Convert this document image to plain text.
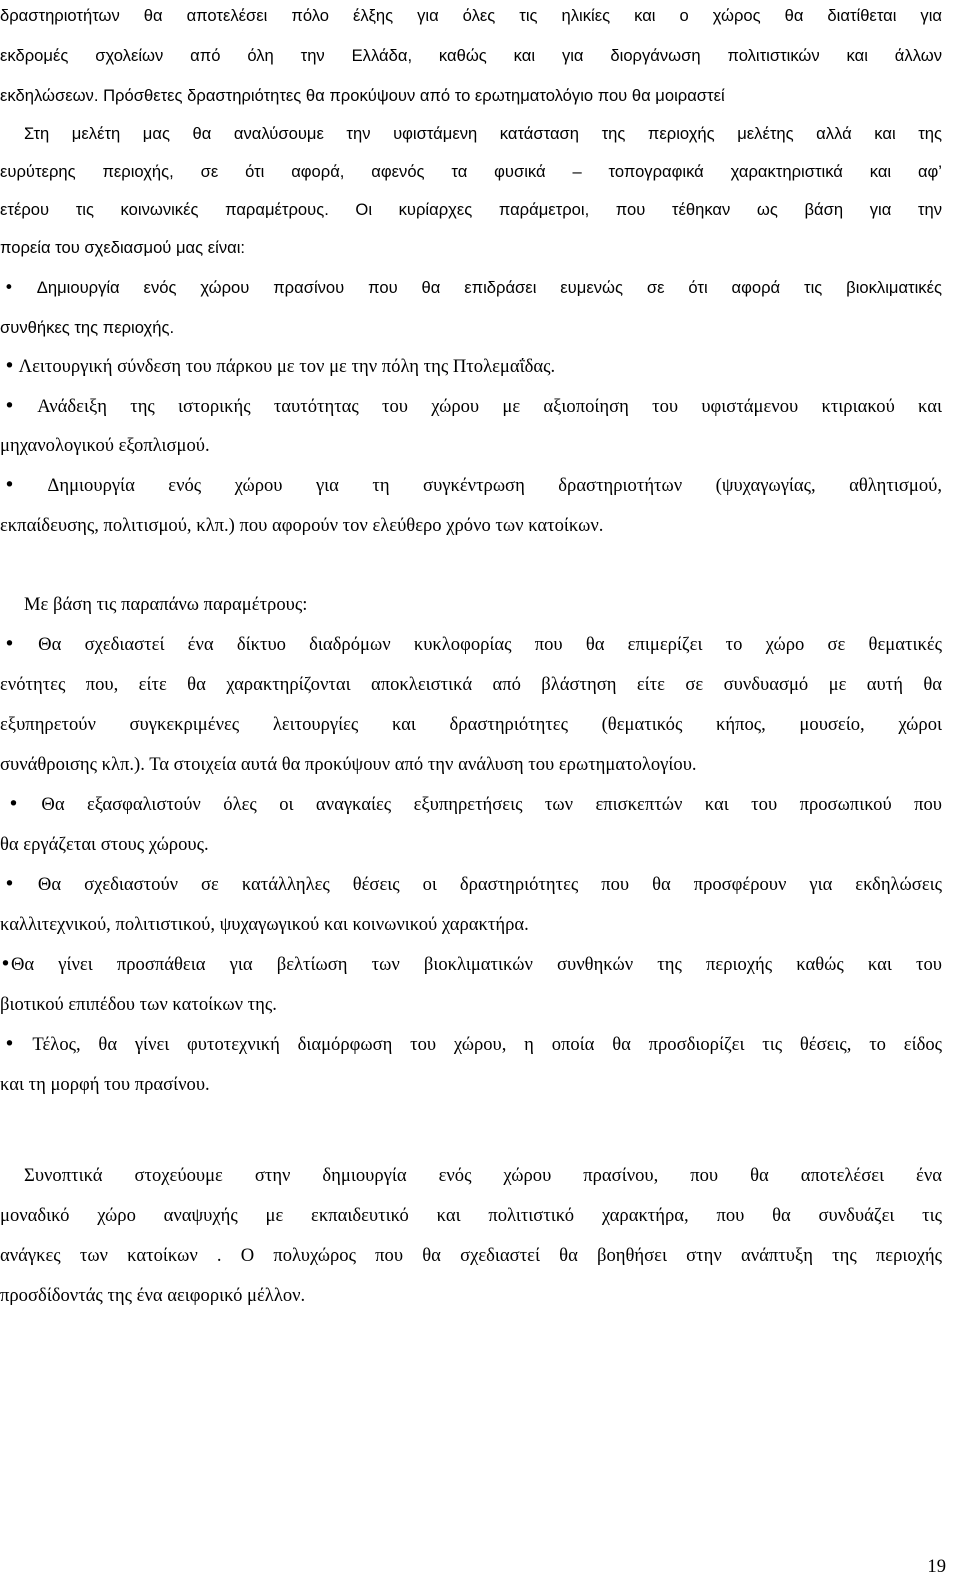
19
δραστηριοτήτων θα αποτελέσει πόλο έλξης για όλες τις ηλικίες και ο χώρος θα διατίθεται για
εκδρομές σχολείων από όλη την Ελλάδα, καθώς και για διοργάνωση πολιτιστικών και άλλων
εκδηλώσεων. Πρόσθετες δραστηριότητες θα προκύψουν από το ερωτηματολόγιο που θα μοιραστεί
Στη μελέτη μας θα αναλύσουμε την υφιστάμενη κατάσταση της περιοχής μελέτης αλλά και της
ευρύτερης περιοχής, σε ότι αφορά, αφενός τα φυσικά – τοπογραφικά χαρακτηριστικά και αφ’
ετέρου τις κοινωνικές παραμέτρους. Οι κυρίαρχες παράμετροι, που τέθηκαν ως βάση για την
πορεία του σχεδιασμού μας είναι:
• Δημιουργία ενός χώρου πρασίνου που θα επιδράσει ευμενώς σε ότι αφορά τις βιοκλιματικές
συνθήκες της περιοχής.
• Λειτουργική σύνδεση του πάρκου με τον με την πόλη της Πτολεμαΐδας.
• Ανάδειξη της ιστορικής ταυτότητας του χώρου με αξιοποίηση του υφιστάμενου κτιριακού και
μηχανολογικού εξοπλισμού.
• Δημιουργία ενός χώρου για τη συγκέντρωση δραστηριοτήτων (ψυχαγωγίας, αθλητισμού,
εκπαίδευσης, πολιτισμού, κλπ.) που αφορούν τον ελεύθερο χρόνο των κατοίκων.
Με βάση τις παραπάνω παραμέτρους:
• Θα σχεδιαστεί ένα δίκτυο διαδρόμων κυκλοφορίας που θα επιμερίζει το χώρο σε θεματικές
ενότητες που, είτε θα χαρακτηρίζονται αποκλειστικά από βλάστηση είτε σε συνδυασμό με αυτή θα
εξυπηρετούν συγκεκριμένες λειτουργίες και δραστηριότητες (θεματικός κήπος, μουσείο, χώροι
συνάθροισης κλπ.). Τα στοιχεία αυτά θα προκύψουν από την ανάλυση του ερωτηματολογίου.
• Θα εξασφαλιστούν όλες οι αναγκαίες εξυπηρετήσεις των επισκεπτών και του προσωπικού που
θα εργάζεται στους χώρους.
• Θα σχεδιαστούν σε κατάλληλες θέσεις οι δραστηριότητες που θα προσφέρουν για εκδηλώσεις
καλλιτεχνικού, πολιτιστικού, ψυχαγωγικού και κοινωνικού χαρακτήρα.
• Θα γίνει προσπάθεια για βελτίωση των βιοκλιματικών συνθηκών της περιοχής καθώς και του
βιοτικού επιπέδου των κατοίκων της.
• Τέλος, θα γίνει φυτοτεχνική διαμόρφωση του χώρου, η οποία θα προσδιορίζει τις θέσεις, το είδος
και τη μορφή του πρασίνου.
Συνοπτικά στοχεύουμε στην δημιουργία ενός χώρου πρασίνου, που θα αποτελέσει ένα
μοναδικό χώρο αναψυχής με εκπαιδευτικό και πολιτιστικό χαρακτήρα, που θα συνδυάζει τις
ανάγκες των κατοίκων . Ο πολυχώρος που θα σχεδιαστεί θα βοηθήσει στην ανάπτυξη της περιοχής
προσδίδοντάς της ένα αειφορικό μέλλον.
